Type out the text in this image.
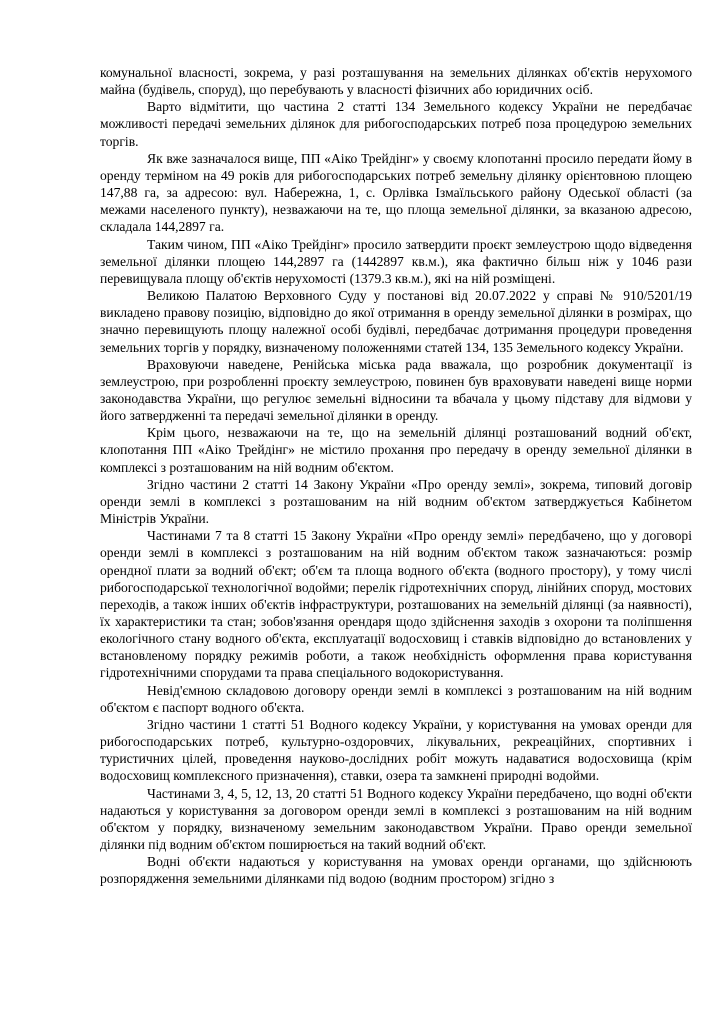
комунальної власності, зокрема, у разі розташування на земельних ділянках об'єктів нерухомого майна (будівель, споруд), що перебувають у власності фізичних або юридичних осіб.

Варто відмітити, що частина 2 статті 134 Земельного кодексу України не передбачає можливості передачі земельних ділянок для рибогосподарських потреб поза процедурою земельних торгів.

Як вже зазначалося вище, ПП «Аіко Трейдінг» у своєму клопотанні просило передати йому в оренду терміном на 49 років для рибогосподарських потреб земельну ділянку орієнтовною площею 147,88 га, за адресою: вул. Набережна, 1, с. Орлівка Ізмаїльського району Одеської області (за межами населеного пункту), незважаючи на те, що площа земельної ділянки, за вказаною адресою, складала 144,2897 га.

Таким чином, ПП «Аіко Трейдінг» просило затвердити проєкт землеустрою щодо відведення земельної ділянки площею 144,2897 га (1442897 кв.м.), яка фактично більш ніж у 1046 рази перевищувала площу об'єктів нерухомості (1379.3 кв.м.), які на ній розміщені.

Великою Палатою Верховного Суду у постанові від 20.07.2022 у справі № 910/5201/19 викладено правову позицію, відповідно до якої отримання в оренду земельної ділянки в розмірах, що значно перевищують площу належної особі будівлі, передбачає дотримання процедури проведення земельних торгів у порядку, визначеному положеннями статей 134, 135 Земельного кодексу України.

Враховуючи наведене, Ренійська міська рада вважала, що розробник документації із землеустрою, при розробленні проєкту землеустрою, повинен був враховувати наведені вище норми законодавства України, що регулює земельні відносини та вбачала у цьому підставу для відмови у його затвердженні та передачі земельної ділянки в оренду.

Крім цього, незважаючи на те, що на земельній ділянці розташований водний об'єкт, клопотання ПП «Аіко Трейдінг» не містило прохання про передачу в оренду земельної ділянки в комплексі з розташованим на ній водним об'єктом.

Згідно частини 2 статті 14 Закону України «Про оренду землі», зокрема, типовий договір оренди землі в комплексі з розташованим на ній водним об'єктом затверджується Кабінетом Міністрів України.

Частинами 7 та 8 статті 15 Закону України «Про оренду землі» передбачено, що у договорі оренди землі в комплексі з розташованим на ній водним об'єктом також зазначаються: розмір орендної плати за водний об'єкт; об'єм та площа водного об'єкта (водного простору), у тому числі рибогосподарської технологічної водойми; перелік гідротехнічних споруд, лінійних споруд, мостових переходів, а також інших об'єктів інфраструктури, розташованих на земельній ділянці (за наявності), їх характеристики та стан; зобов'язання орендаря щодо здійснення заходів з охорони та поліпшення екологічного стану водного об'єкта, експлуатації водосховищ і ставків відповідно до встановлених у встановленому порядку режимів роботи, а також необхідність оформлення права користування гідротехнічними спорудами та права спеціального водокористування.

Невід'ємною складовою договору оренди землі в комплексі з розташованим на ній водним об'єктом є паспорт водного об'єкта.

Згідно частини 1 статті 51 Водного кодексу України, у користування на умовах оренди для рибогосподарських потреб, культурно-оздоровчих, лікувальних, рекреаційних, спортивних і туристичних цілей, проведення науково-дослідних робіт можуть надаватися водосховища (крім водосховищ комплексного призначення), ставки, озера та замкнені природні водойми.

Частинами 3, 4, 5, 12, 13, 20 статті 51 Водного кодексу України передбачено, що водні об'єкти надаються у користування за договором оренди землі в комплексі з розташованим на ній водним об'єктом у порядку, визначеному земельним законодавством України. Право оренди земельної ділянки під водним об'єктом поширюється на такий водний об'єкт.

Водні об'єкти надаються у користування на умовах оренди органами, що здійснюють розпорядження земельними ділянками під водою (водним простором) згідно з
